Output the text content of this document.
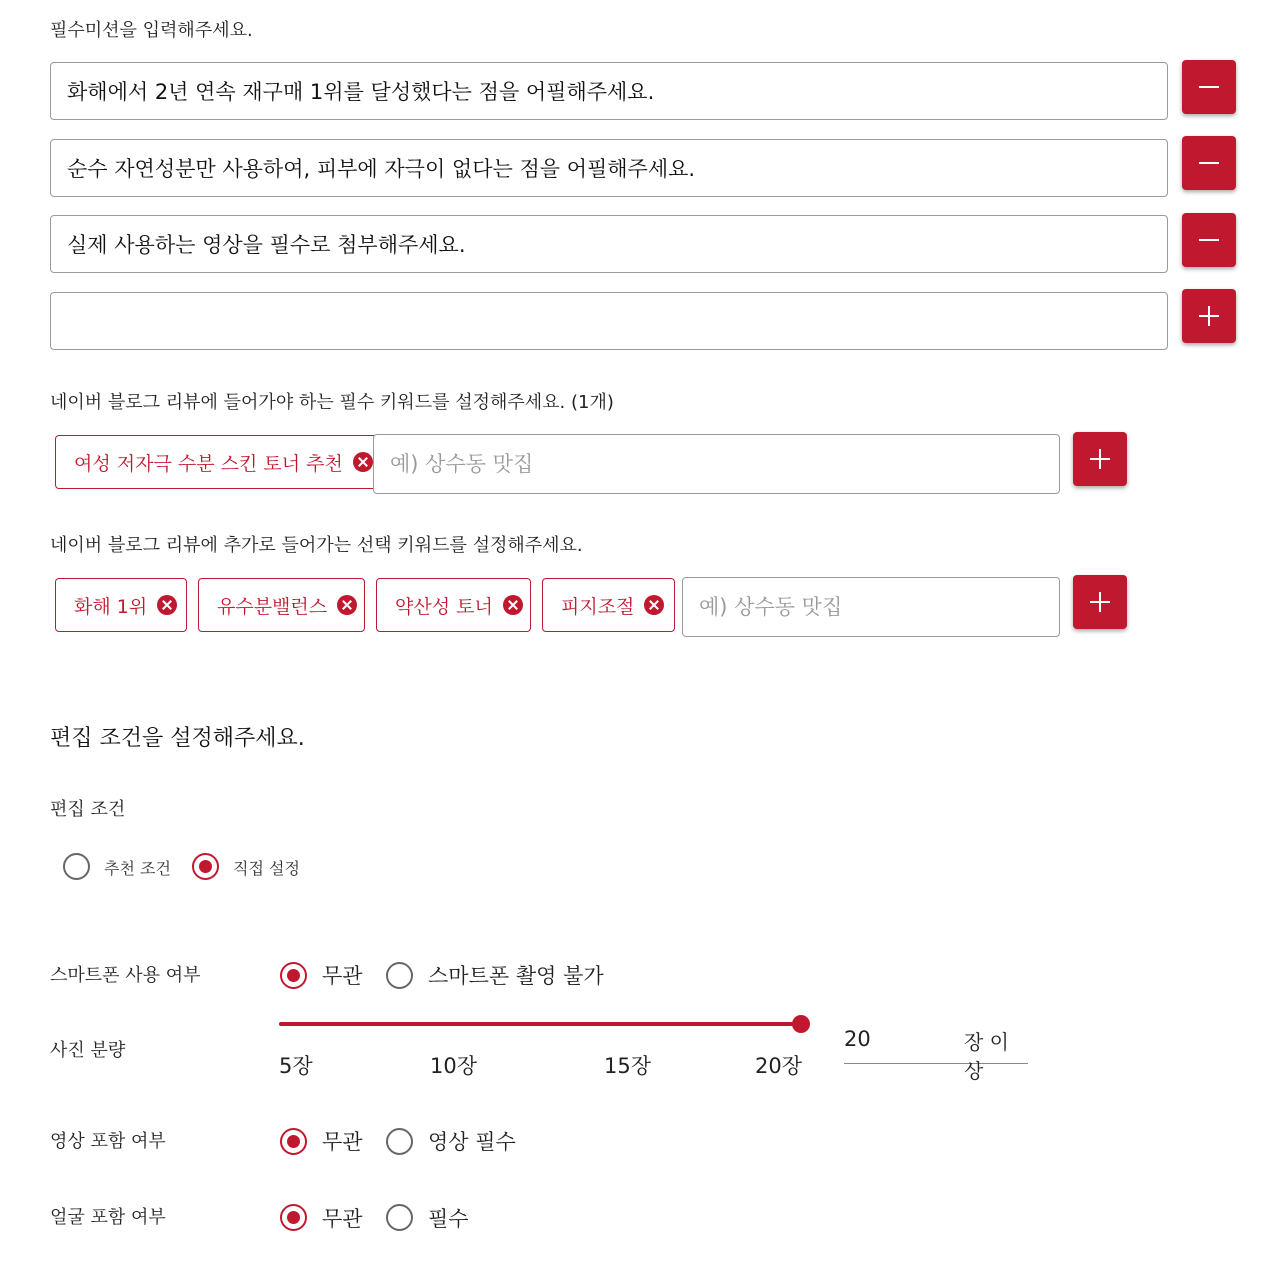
필수미션을 입력해주세요.
화해에서 2년 연속 재구매 1위를 달성했다는 점을 어필해주세요.
순수 자연성분만 사용하여, 피부에 자극이 없다는 점을 어필해주세요.
실제 사용하는 영상을 필수로 첨부해주세요.
네이버 블로그 리뷰에 들어가야 하는 필수 키워드를 설정해주세요. (1개)
여성 저자극 수분 스킨 토너 추천
예) 상수동 맛집
네이버 블로그 리뷰에 추가로 들어가는 선택 키워드를 설정해주세요.
화해 1위	유수분밸런스	약산성 토너	피지조절
예) 상수동 맛집
편집 조건을 설정해주세요.
편집 조건
추천 조건	직접 설정
스마트폰 사용 여부	무관	스마트폰 촬영 불가
사진 분량
5장	10장	15장	20장
20	장 이상
영상 포함 여부	무관	영상 필수
얼굴 포함 여부	무관	필수
